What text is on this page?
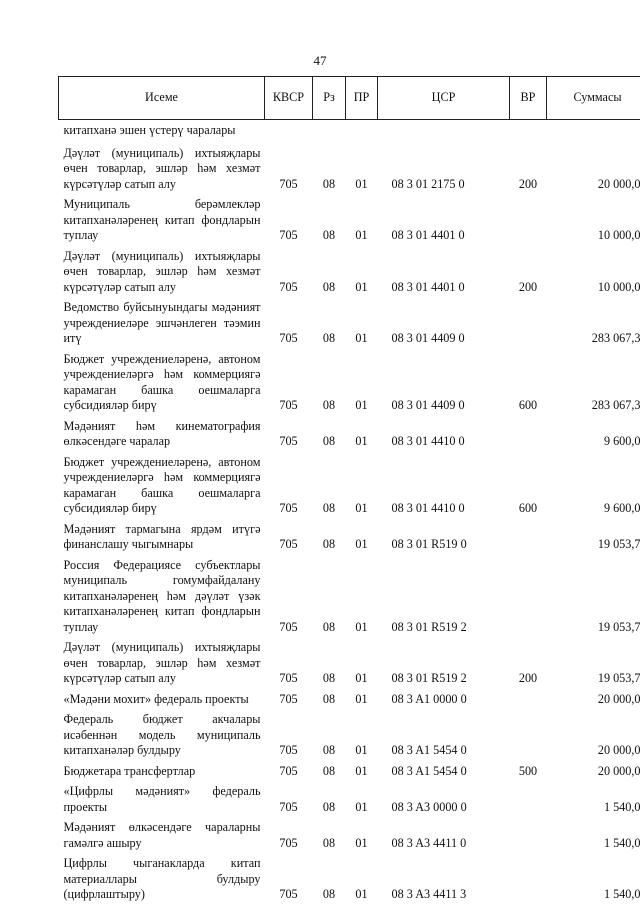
47
Исеме	КВСР	Рз	ПР	ЦСР	ВР	Суммасы
китапханә эшен үстерү чаралары						
Дәүләт (муниципаль) ихтыяҗлары өчен товарлар, эшләр һәм хезмәт күрсәтүләр сатып алу	705	08	01	08 3 01 2175 0	200	20 000,0
Муниципаль берәмлекләр китапханәләренең китап фондларын туплау	705	08	01	08 3 01 4401 0		10 000,0
Дәүләт (муниципаль) ихтыяҗлары өчен товарлар, эшләр һәм хезмәт күрсәтүләр сатып алу	705	08	01	08 3 01 4401 0	200	10 000,0
Ведомство буйсынуындагы мәдәният учреждениеләре эшчәнлеген тәэмин итү	705	08	01	08 3 01 4409 0		283 067,3
Бюджет учреждениеләренә, автоном учреждениеләргә һәм коммерциягә карамаган башка оешмаларга субсидияләр бирү	705	08	01	08 3 01 4409 0	600	283 067,3
Мәдәният һәм кинематография өлкәсендәге чаралар	705	08	01	08 3 01 4410 0		9 600,0
Бюджет учреждениеләренә, автоном учреждениеләргә һәм коммерциягә карамаган башка оешмаларга субсидияләр бирү	705	08	01	08 3 01 4410 0	600	9 600,0
Мәдәният тармагына ярдәм итүгә финанслашу чыгымнары	705	08	01	08 3 01 R519 0		19 053,7
Россия Федерациясе субъектлары муниципаль гомумфайдалану китапханәләренең һәм дәүләт үзәк китапханәләренең китап фондларын туплау	705	08	01	08 3 01 R519 2		19 053,7
Дәүләт (муниципаль) ихтыяҗлары өчен товарлар, эшләр һәм хезмәт күрсәтүләр сатып алу	705	08	01	08 3 01 R519 2	200	19 053,7
«Мәдәни мохит» федераль проекты	705	08	01	08 3 A1 0000 0		20 000,0
Федераль бюджет акчалары исәбеннән модель муниципаль китапханәләр булдыру	705	08	01	08 3 A1 5454 0		20 000,0
Бюджетара трансфертлар	705	08	01	08 3 A1 5454 0	500	20 000,0
«Цифрлы мәдәният» федераль проекты	705	08	01	08 3 A3 0000 0		1 540,0
Мәдәният өлкәсендәге чараларны гамәлгә ашыру	705	08	01	08 3 A3 4411 0		1 540,0
Цифрлы чыганакларда китап материаллары булдыру (цифрлаштыру)	705	08	01	08 3 A3 4411 3		1 540,0
